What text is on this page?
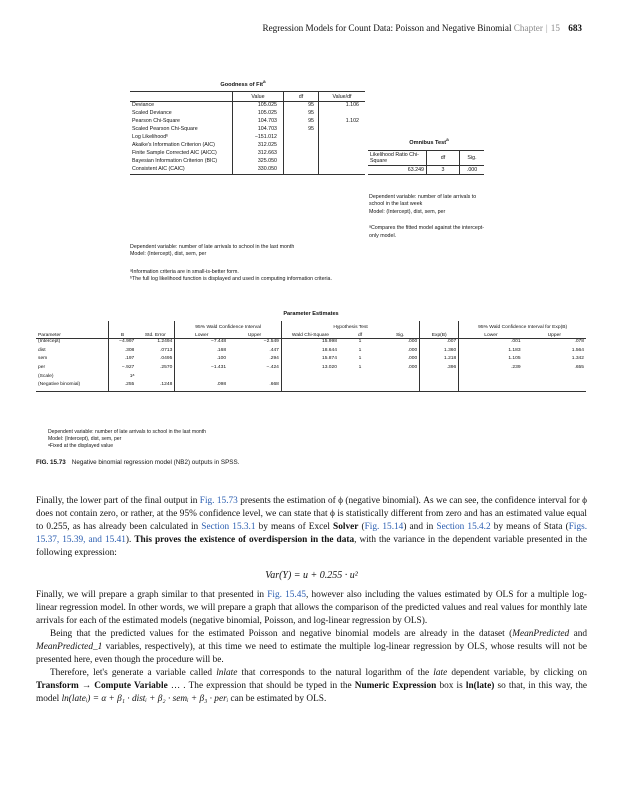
Regression Models for Count Data: Poisson and Negative Binomial Chapter | 15 683
Goodness of Fit$^a$
	Value	df	Value/df
Deviance	105.025	95	1.106
Scaled Deviance	105.025	95	
Pearson Chi-Square	104.703	95	1.102
Scaled Pearson Chi-Square	104.703	95	
Log Likelihoodᵇ	−151.012		
Akaike's Information Criterion (AIC)	312.025		
Finite Sample Corrected AIC (AICC)	312.663		
Bayesian Information Criterion (BIC)	325.050		
Consistent AIC (CAIC)	330.050		
Dependent variable: number of late arrivals to school in the last month
Model: (Intercept), dist, sem, per
ᵃInformation criteria are in small-is-better form.
ᵇThe full log likelihood function is displayed and used in computing information criteria.
Omnibus Test$^a$
Likelihood Ratio Chi-Square	df	Sig.
63.249	3	.000
Dependent variable: number of late arrivals to school in the last week
Model: (Intercept), dist, sem, per
ᵃCompares the fitted model against the intercept-only model.
Parameter Estimates
			95% Wald Confidence Interval		Hypothesis Test				95% Wald Confidence Interval for Exp(B)	
Parameter	B	Std. Error	Lower	Upper	Wald Chi-Square	df	Sig.	Exp(B)	Lower	Upper
(Intercept)	−4.997	1.2494	−7.448	−2.549	15.998	1	.000	.007	.001	.078
dist	.308	.0713	.168	.447	18.644	1	.000	1.360	1.183	1.564
sem	.197	.0495	.100	.294	15.874	1	.000	1.218	1.105	1.342
per	−.927	.2570	−1.431	−.424	13.020	1	.000	.396	.239	.655
(Scale)	1ᵃ									
(Negative binomial)	.255	.1248	.098	.668						
Dependent variable: number of late arrivals to school in the last month
Model: (Intercept), dist, sem, per
ᵃFixed at the displayed value
FIG. 15.73 Negative binomial regression model (NB2) outputs in SPSS.

Finally, the lower part of the final output in Fig. 15.73 presents the estimation of ϕ (negative binomial). As we can see, the confidence interval for ϕ does not contain zero, or rather, at the 95% confidence level, we can state that ϕ is statistically different from zero and has an estimated value equal to 0.255, as has already been calculated in Section 15.3.1 by means of Excel Solver (Fig. 15.14) and in Section 15.4.2 by means of Stata (Figs. 15.37, 15.39, and 15.41). This proves the existence of overdispersion in the data, with the variance in the dependent variable presented in the following expression:

Var(Y) = u + 0.255 · u²

Finally, we will prepare a graph similar to that presented in Fig. 15.45, however also including the values estimated by OLS for a multiple log-linear regression model. In other words, we will prepare a graph that allows the comparison of the predicted values and real values for monthly late arrivals for each of the estimated models (negative binomial, Poisson, and log-linear regression by OLS).

Being that the predicted values for the estimated Poisson and negative binomial models are already in the dataset (MeanPredicted and MeanPredicted_1 variables, respectively), at this time we need to estimate the multiple log-linear regression by OLS, whose results will not be presented here, even though the procedure will be.

Therefore, let's generate a variable called lnlate that corresponds to the natural logarithm of the late dependent variable, by clicking on Transform → Compute Variable … . The expression that should be typed in the Numeric Expression box is ln(late) so that, in this way, the model ln(lateᵢ) = α + β₁ · distᵢ + β₂ · semᵢ + β₃ · perᵢ can be estimated by OLS.
